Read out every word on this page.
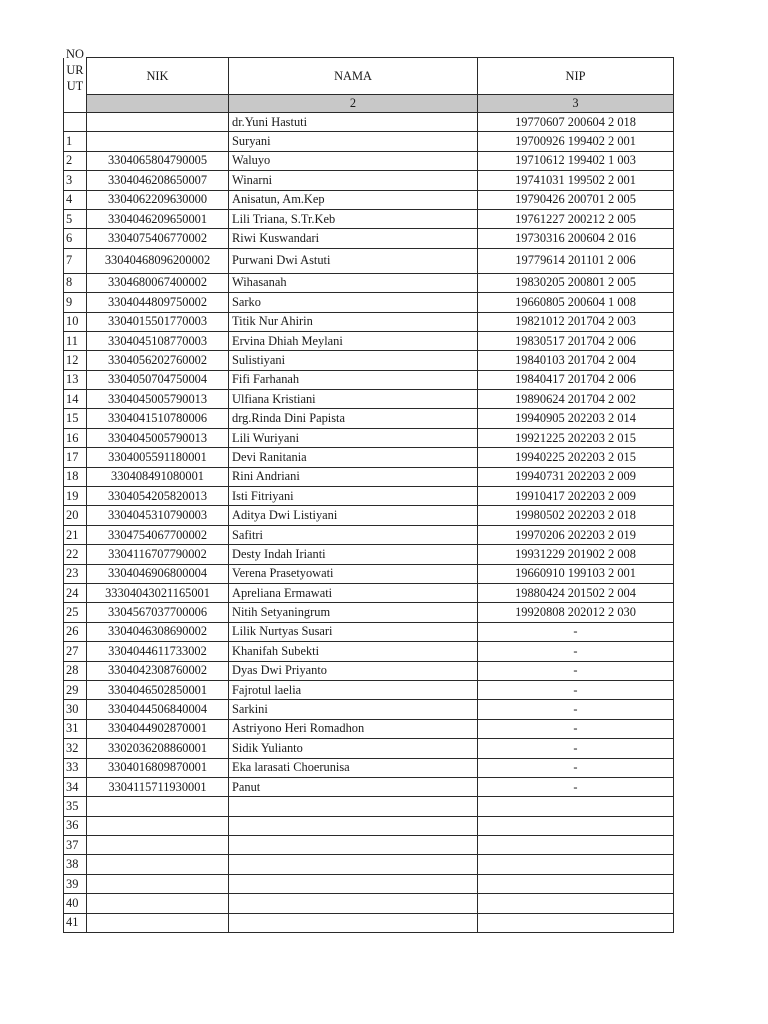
NO
UR
UT	NIK	NAMA	NIP
		2	3
		dr.Yuni Hastuti	19770607 200604 2 018
1		Suryani	19700926 199402 2 001
2	3304065804790005	Waluyo	19710612 199402 1 003
3	3304046208650007	Winarni	19741031 199502 2 001
4	3304062209630000	Anisatun, Am.Kep	19790426 200701 2 005
5	3304046209650001	Lili Triana, S.Tr.Keb	19761227 200212 2 005
6	3304075406770002	Riwi Kuswandari	19730316 200604 2 016
7	33040468096200002	Purwani Dwi Astuti	19779614 201101 2 006
8	3304680067400002	Wihasanah	19830205 200801 2 005
9	3304044809750002	Sarko	19660805 200604 1 008
10	3304015501770003	Titik Nur Ahirin	19821012 201704 2 003
11	3304045108770003	Ervina Dhiah Meylani	19830517 201704 2 006
12	3304056202760002	Sulistiyani	19840103 201704 2 004
13	3304050704750004	Fifi Farhanah	19840417 201704 2 006
14	3304045005790013	Ulfiana Kristiani	19890624 201704 2 002
15	3304041510780006	drg.Rinda Dini Papista	19940905 202203 2 014
16	3304045005790013	Lili Wuriyani	19921225 202203 2 015
17	3304005591180001	Devi Ranitania	19940225 202203 2 015
18	330408491080001	Rini Andriani	19940731 202203 2 009
19	3304054205820013	Isti Fitriyani	19910417 202203 2 009
20	3304045310790003	Aditya Dwi Listiyani	19980502 202203 2 018
21	3304754067700002	Safitri	19970206 202203 2 019
22	3304116707790002	Desty Indah Irianti	19931229 201902 2 008
23	3304046906800004	Verena Prasetyowati	19660910 199103 2 001
24	33304043021165001	Apreliana Ermawati	19880424 201502 2 004
25	3304567037700006	Nitih Setyaningrum	19920808 202012 2 030
26	3304046308690002	Lilik Nurtyas Susari	-
27	3304044611733002	Khanifah Subekti	-
28	3304042308760002	Dyas Dwi Priyanto	-
29	3304046502850001	Fajrotul laelia	-
30	3304044506840004	Sarkini	-
31	3304044902870001	Astriyono Heri Romadhon	-
32	3302036208860001	Sidik Yulianto	-
33	3304016809870001	Eka larasati Choerunisa	-
34	3304115711930001	Panut	-
35			
36			
37			
38			
39			
40			
41			
